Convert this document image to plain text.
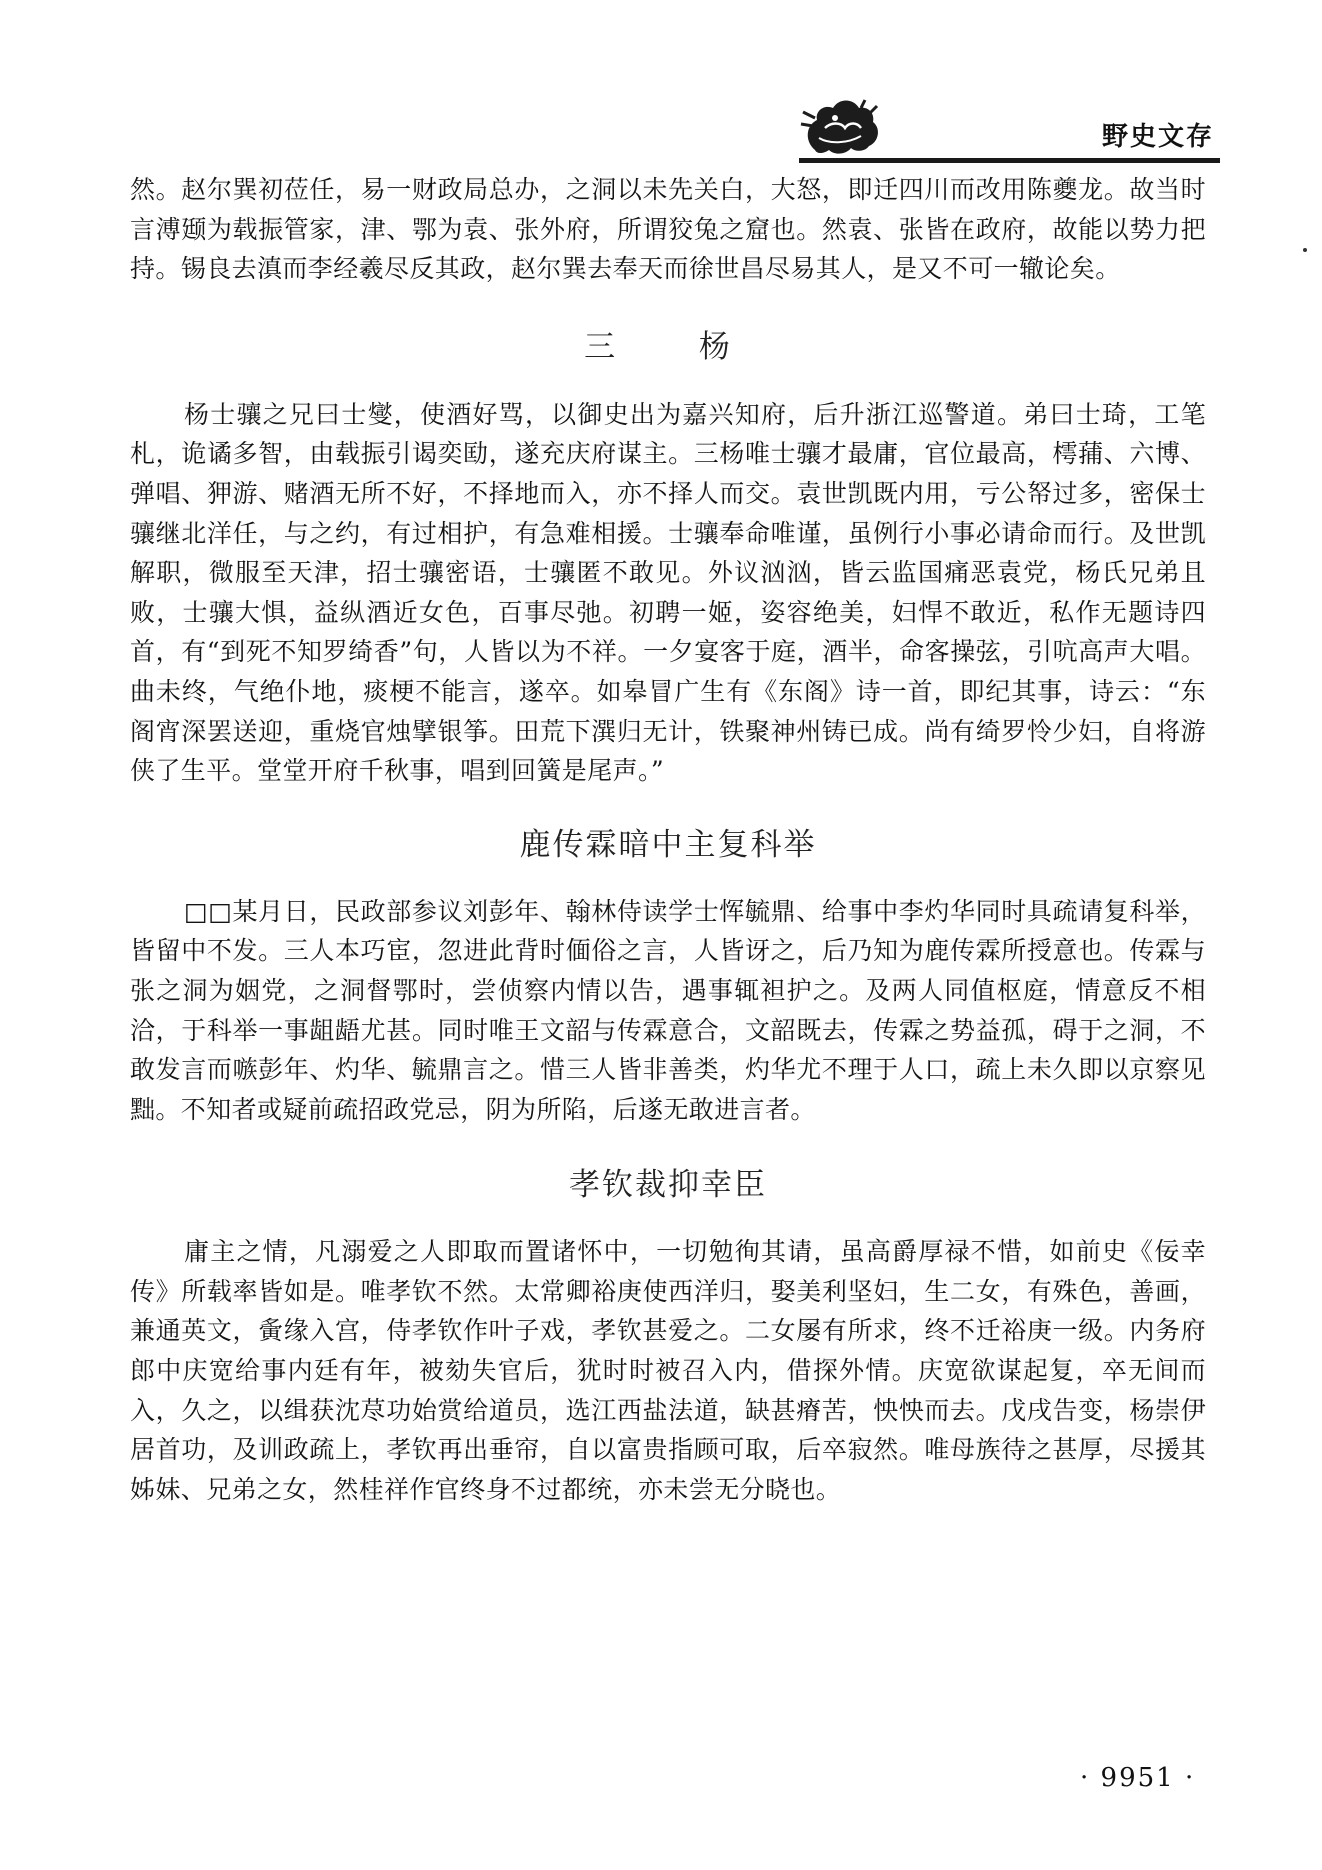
野史文存

然。赵尔巽初莅任，易一财政局总办，之洞以未先关白，大怒，即迁四川而改用陈夔龙。故当时言溥颋为载振管家，津、鄂为袁、张外府，所谓狡兔之窟也。然袁、张皆在政府，故能以势力把持。锡良去滇而李经羲尽反其政，赵尔巽去奉天而徐世昌尽易其人，是又不可一辙论矣。

三 杨

杨士骧之兄曰士燮，使酒好骂，以御史出为嘉兴知府，后升浙江巡警道。弟曰士琦，工笔札，诡谲多智，由载振引谒奕劻，遂充庆府谋主。三杨唯士骧才最庸，官位最高，樗蒱、六博、弹唱、狎游、赌酒无所不好，不择地而入，亦不择人而交。袁世凯既内用，亏公帑过多，密保士骧继北洋任，与之约，有过相护，有急难相援。士骧奉命唯谨，虽例行小事必请命而行。及世凯解职，微服至天津，招士骧密语，士骧匿不敢见。外议汹汹，皆云监国痛恶袁党，杨氏兄弟且败，士骧大惧，益纵酒近女色，百事尽弛。初聘一姬，姿容绝美，妇悍不敢近，私作无题诗四首，有“到死不知罗绮香”句，人皆以为不祥。一夕宴客于庭，酒半，命客操弦，引吭高声大唱。曲未终，气绝仆地，痰梗不能言，遂卒。如皋冒广生有《东阁》诗一首，即纪其事，诗云：“东阁宵深罢送迎，重烧官烛擘银筝。田荒下潠归无计，铁聚神州铸已成。尚有绮罗怜少妇，自将游侠了生平。堂堂开府千秋事，唱到回簧是尾声。”

鹿传霖暗中主复科举

□□某月日，民政部参议刘彭年、翰林侍读学士恽毓鼎、给事中李灼华同时具疏请复科举，皆留中不发。三人本巧宦，忽进此背时偭俗之言，人皆讶之，后乃知为鹿传霖所授意也。传霖与张之洞为姻党，之洞督鄂时，尝侦察内情以告，遇事辄袒护之。及两人同值枢庭，情意反不相洽，于科举一事龃龉尤甚。同时唯王文韶与传霖意合，文韶既去，传霖之势益孤，碍于之洞，不敢发言而嗾彭年、灼华、毓鼎言之。惜三人皆非善类，灼华尤不理于人口，疏上未久即以京察见黜。不知者或疑前疏招政党忌，阴为所陷，后遂无敢进言者。

孝钦裁抑幸臣

庸主之情，凡溺爱之人即取而置诸怀中，一切勉徇其请，虽高爵厚禄不惜，如前史《佞幸传》所载率皆如是。唯孝钦不然。太常卿裕庚使西洋归，娶美利坚妇，生二女，有殊色，善画，兼通英文，夤缘入宫，侍孝钦作叶子戏，孝钦甚爱之。二女屡有所求，终不迁裕庚一级。内务府郎中庆宽给事内廷有年，被劾失官后，犹时时被召入内，借探外情。庆宽欲谋起复，卒无间而入，久之，以缉获沈荩功始赏给道员，选江西盐法道，缺甚瘠苦，怏怏而去。戊戌告变，杨崇伊居首功，及训政疏上，孝钦再出垂帘，自以富贵指顾可取，后卒寂然。唯母族待之甚厚，尽援其姊妹、兄弟之女，然桂祥作官终身不过都统，亦未尝无分晓也。

· 9951 ·
